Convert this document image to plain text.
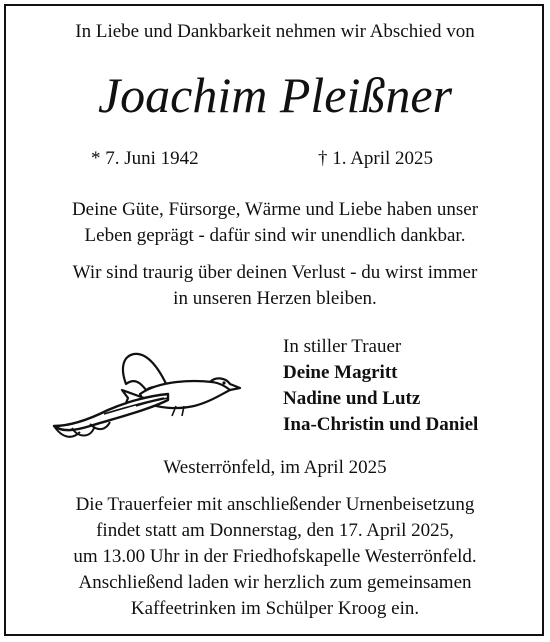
In Liebe und Dankbarkeit nehmen wir Abschied von
Joachim Pleißner
* 7. Juni 1942	† 1. April 2025
Deine Güte, Fürsorge, Wärme und Liebe haben unser
Leben geprägt - dafür sind wir unendlich dankbar.
Wir sind traurig über deinen Verlust - du wirst immer
in unseren Herzen bleiben.
In stiller Trauer
Deine Magritt
Nadine und Lutz
Ina-Christin und Daniel
Westerrönfeld, im April 2025
Die Trauerfeier mit anschließender Urnenbeisetzung
findet statt am Donnerstag, den 17. April 2025,
um 13.00 Uhr in der Friedhofskapelle Westerrönfeld.
Anschließend laden wir herzlich zum gemeinsamen
Kaffeetrinken im Schülper Kroog ein.
